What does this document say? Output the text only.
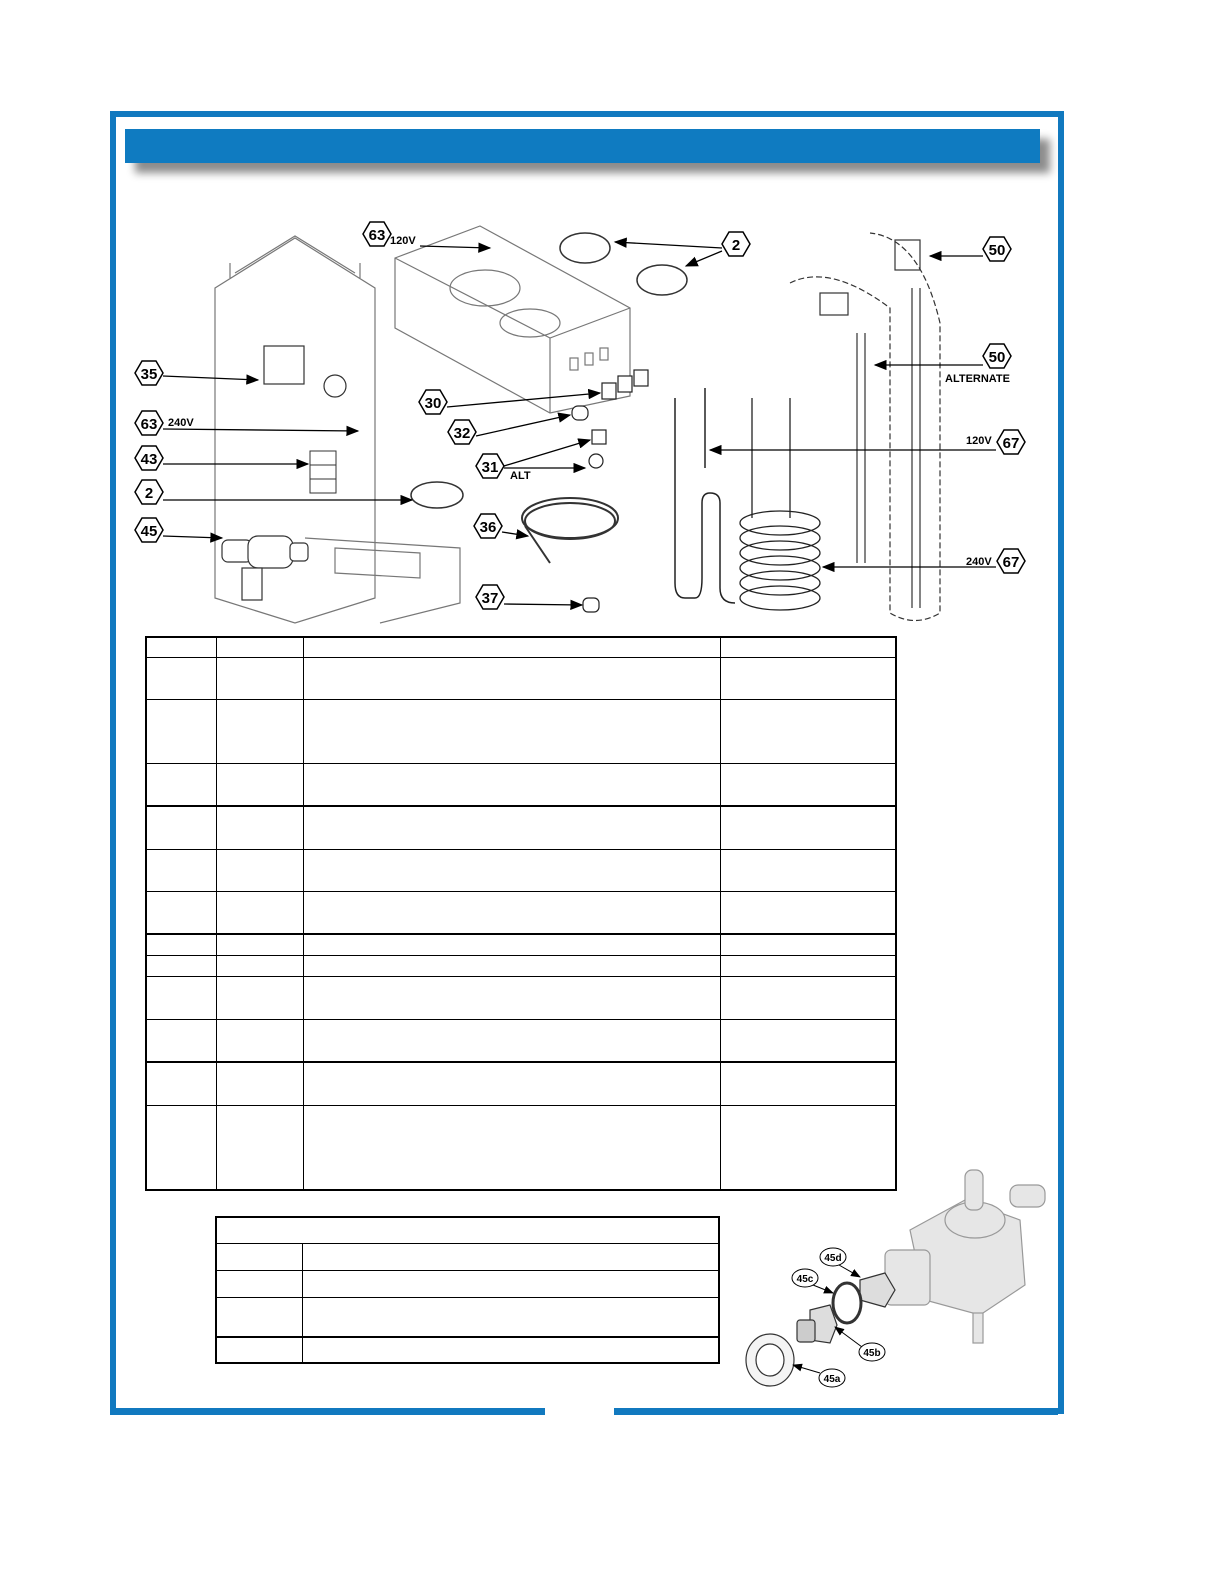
63 120V	2	50
50
ALTERNATE
35
63 240V
30
32
43	31 ALT
67
120V
2
36
45
37
67
240V

45d
45c
45b
45a
